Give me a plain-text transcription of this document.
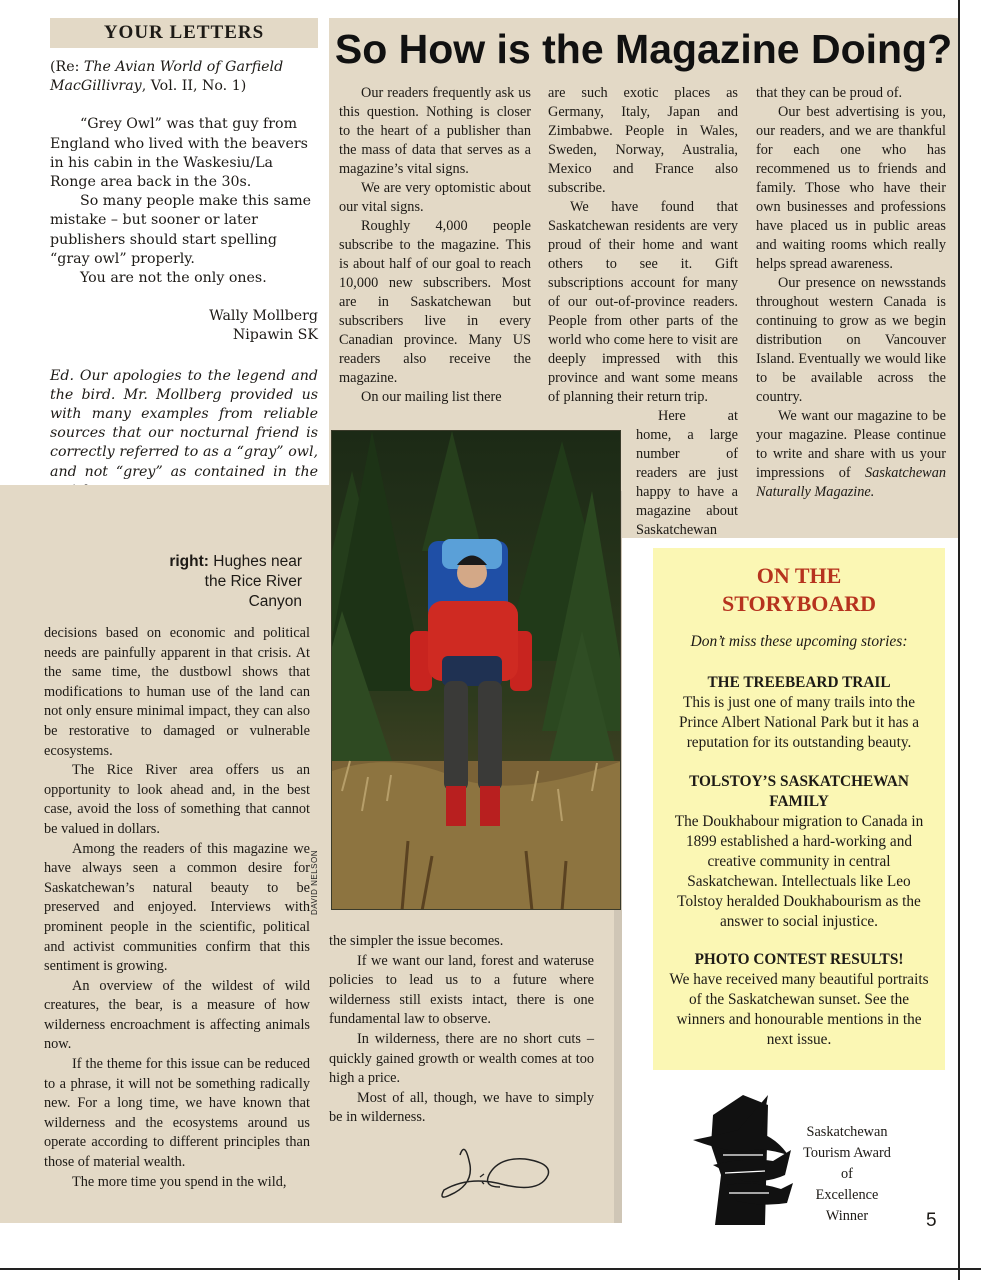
YOUR LETTERS

(Re: The Avian World of Garfield MacGillivray, Vol. II, No. 1)

“Grey Owl” was that guy from England who lived with the beavers in his cabin in the Waskesiu/La Ronge area back in the 30s.

So many people make this same mistake – but sooner or later publishers should start spelling “gray owl” properly.

You are not the only ones.

Wally Mollberg
Nipawin SK

Ed. Our apologies to the legend and the bird. Mr. Mollberg provided us with many examples from reliable sources that our nocturnal friend is correctly referred to as a “gray” owl, and not “grey” as contained in the

So How is the Magazine Doing?

Our readers frequently ask us this question. Nothing is closer to the heart of a publisher than the mass of data that serves as a magazine’s vital signs.

We are very optomistic about our vital signs.

Roughly 4,000 people subscribe to the magazine. This is about half of our goal to reach 10,000 new subscribers. Most are in Saskatchewan but subscribers live in every Canadian province. Many US readers also receive the magazine.

On our mailing list there

are such exotic places as Germany, Italy, Japan and Zimbabwe. People in Wales, Sweden, Norway, Australia, Mexico and France also subscribe.

We have found that Saskatchewan residents are very proud of their home and want others to see it. Gift subscriptions account for many of our out-of-province readers. People from other parts of the world who come here to visit are deeply impressed with this province and want some means of planning their return trip.

Here at home, a large number of readers are just happy to have a magazine about Saskatchewan

that they can be proud of.

Our best advertising is you, our readers, and we are thankful for each one who has recommened us to friends and family. Those who have their own businesses and professions have placed us in public areas and waiting rooms which really helps spread awareness.

Our presence on newsstands throughout western Canada is continuing to grow as we begin distribution on Vancouver Island. Eventually we would like to be available across the country.

We want our magazine to be your magazine. Please continue to write and share with us your impressions of Saskatchewan Naturally Magazine.

right: Hughes near the Rice River Canyon

decisions based on economic and political needs are painfully apparent in that crisis. At the same time, the dustbowl shows that modifications to human use of the land can not only ensure minimal impact, they can also be restorative to damaged or vulnerable ecosystems.

The Rice River area offers us an opportunity to look ahead and, in the best case, avoid the loss of something that cannot be valued in dollars.

Among the readers of this magazine we have always seen a common desire for Saskatchewan’s natural beauty to be preserved and enjoyed. Interviews with prominent people in the scientific, political and activist communities confirm that this sentiment is growing.

An overview of the wildest of wild creatures, the bear, is a measure of how wilderness encroachment is affecting animals now.

If the theme for this issue can be reduced to a phrase, it will not be something radically new. For a long time, we have known that wilderness and the ecosystems around us operate according to different principles than those of material wealth.

The more time you spend in the wild,

the simpler the issue becomes.

If we want our land, forest and wateruse policies to lead us to a future where wilderness still exists intact, there is one fundamental law to observe.

In wilderness, there are no short cuts – quickly gained growth or wealth comes at too high a price.

Most of all, though, we have to simply be in wilderness.

DAVID NELSON
ON THE
STORYBOARD
Don’t miss these upcoming stories:
THE TREEBEARD TRAIL

This is just one of many trails into the Prince Albert National Park but it has a reputation for its outstanding beauty.

TOLSTOY’S SASKATCHEWAN FAMILY

The Doukhabour migration to Canada in 1899 established a hard-working and creative community in central Saskatchewan. Intellectuals like Leo Tolstoy heralded Doukhabourism as the answer to social injustice.

PHOTO CONTEST RESULTS!

We have received many beautiful portraits of the Saskatchewan sunset. See the winners and honourable mentions in the next issue.

Saskatchewan
Tourism Award
of
Excellence
Winner	5
